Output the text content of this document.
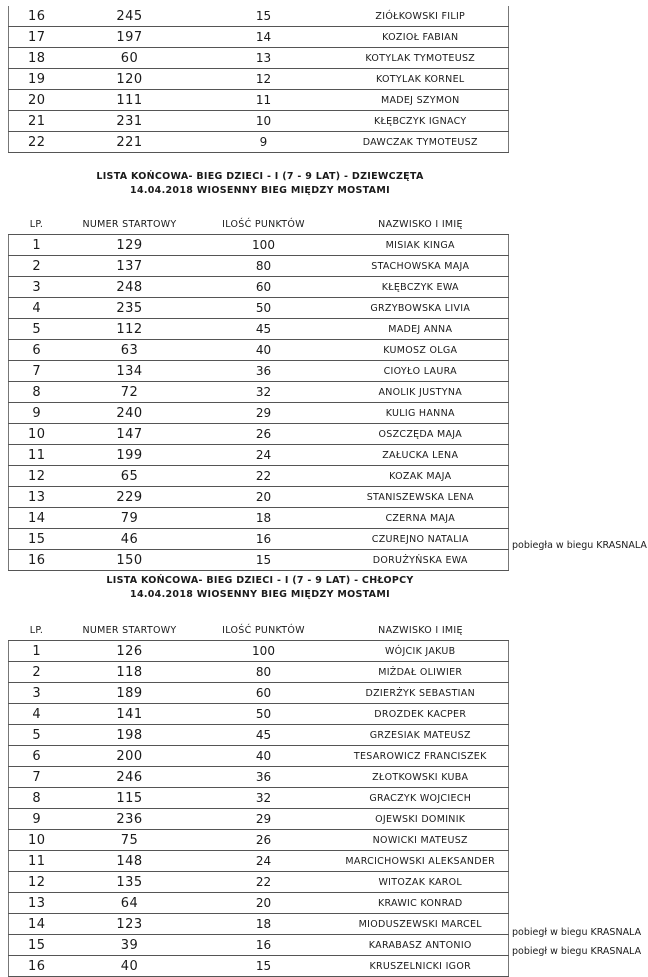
16	245	15	ZIÓŁKOWSKI FILIP
17	197	14	KOZIOŁ FABIAN
18	60	13	KOTYLAK TYMOTEUSZ
19	120	12	KOTYLAK KORNEL
20	111	11	MADEJ SZYMON
21	231	10	KŁĘBCZYK IGNACY
22	221	9	DAWCZAK TYMOTEUSZ
LISTA KOŃCOWA- BIEG DZIECI - I (7 - 9 LAT) - DZIEWCZĘTA
14.04.2018 WIOSENNY BIEG MIĘDZY MOSTAMI
LP.	NUMER STARTOWY	ILOŚĆ PUNKTÓW	NAZWISKO I IMIĘ
1	129	100	MISIAK KINGA
2	137	80	STACHOWSKA MAJA
3	248	60	KŁĘBCZYK EWA
4	235	50	GRZYBOWSKA LIVIA
5	112	45	MADEJ ANNA
6	63	40	KUMOSZ OLGA
7	134	36	CIOYŁO LAURA
8	72	32	ANOLIK JUSTYNA
9	240	29	KULIG HANNA
10	147	26	OSZCZĘDA MAJA
11	199	24	ZAŁUCKA LENA
12	65	22	KOZAK MAJA
13	229	20	STANISZEWSKA LENA
14	79	18	CZERNA MAJA
15	46	16	CZUREJNO NATALIA
16	150	15	DORUŻYŃSKA EWA
pobiegła w biegu KRASNALA
LISTA KOŃCOWA- BIEG DZIECI - I (7 - 9 LAT) - CHŁOPCY
14.04.2018 WIOSENNY BIEG MIĘDZY MOSTAMI
LP.	NUMER STARTOWY	ILOŚĆ PUNKTÓW	NAZWISKO I IMIĘ
1	126	100	WÓJCIK JAKUB
2	118	80	MIŻDAŁ OLIWIER
3	189	60	DZIERŻYK SEBASTIAN
4	141	50	DROZDEK KACPER
5	198	45	GRZESIAK MATEUSZ
6	200	40	TESAROWICZ FRANCISZEK
7	246	36	ZŁOTKOWSKI KUBA
8	115	32	GRACZYK WOJCIECH
9	236	29	OJEWSKI DOMINIK
10	75	26	NOWICKI MATEUSZ
11	148	24	MARCICHOWSKI ALEKSANDER
12	135	22	WITOZAK KAROL
13	64	20	KRAWIC KONRAD
14	123	18	MIODUSZEWSKI MARCEL
15	39	16	KARABASZ ANTONIO
16	40	15	KRUSZELNICKI IGOR
pobiegł w biegu KRASNALA
pobiegł w biegu KRASNALA
